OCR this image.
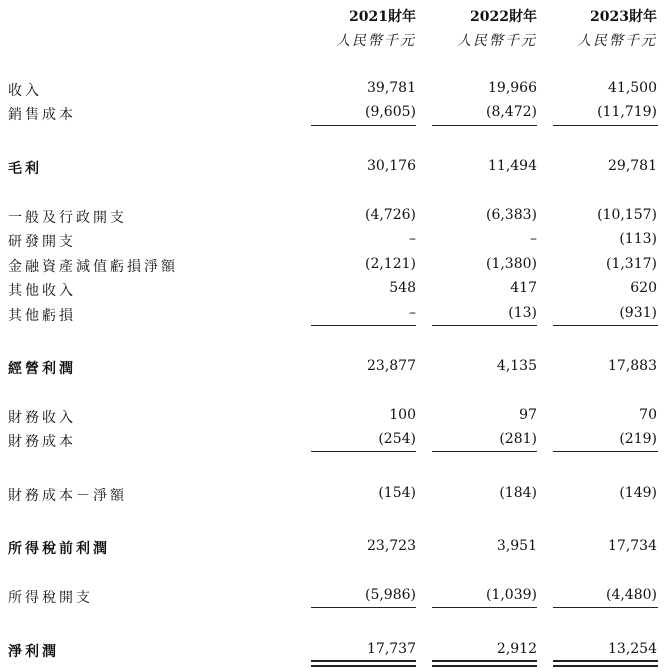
2021財年	2022財年	2023財年
人民幣千元	人民幣千元	人民幣千元
收入	39,781	19,966	41,500
銷售成本	(9,605)	(8,472)	(11,719)
毛利	30,176	11,494	29,781
一般及行政開支	(4,726)	(6,383)	(10,157)
研發開支	–	–	(113)
金融資產減值虧損淨額	(2,121)	(1,380)	(1,317)
其他收入	548	417	620
其他虧損	–	(13)	(931)
經營利潤	23,877	4,135	17,883
財務收入	100	97	70
財務成本	(254)	(281)	(219)
財務成本－淨額	(154)	(184)	(149)
所得稅前利潤	23,723	3,951	17,734
所得稅開支	(5,986)	(1,039)	(4,480)
淨利潤	17,737	2,912	13,254
